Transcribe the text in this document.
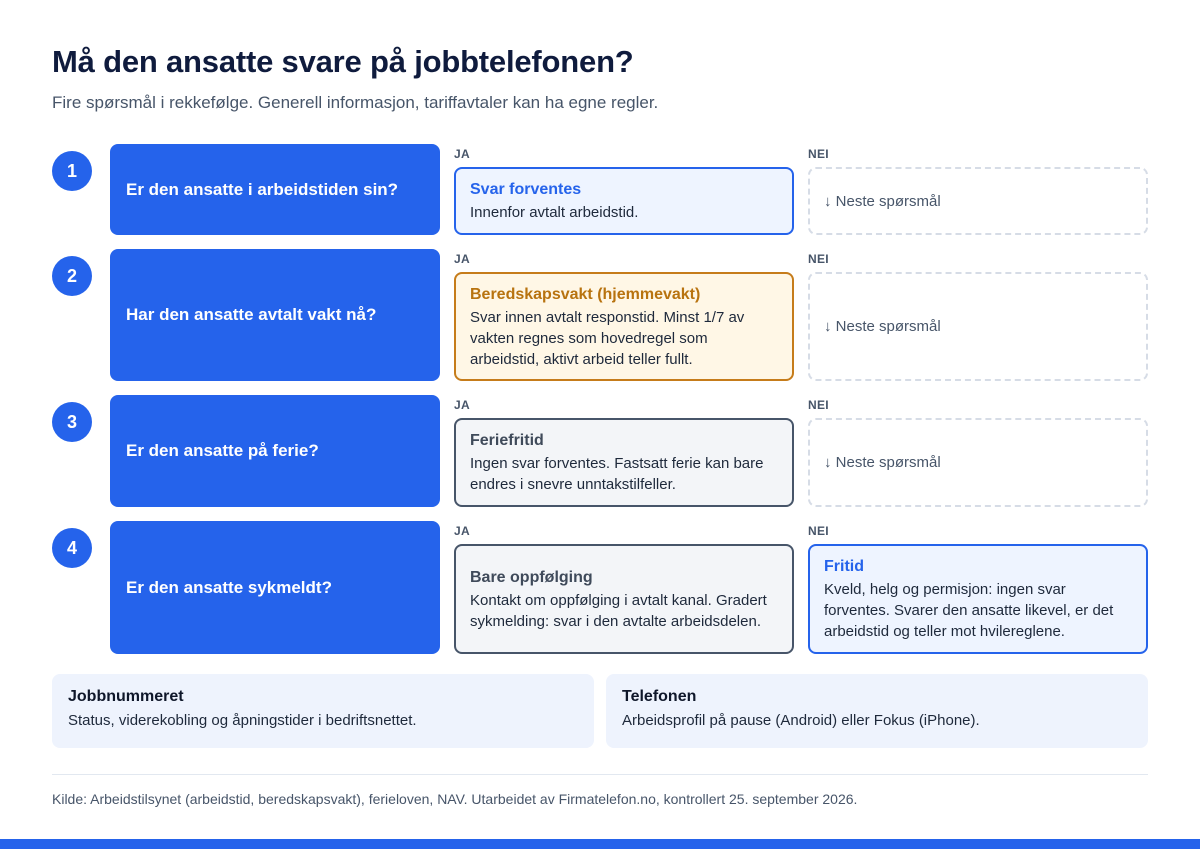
Må den ansatte svare på jobbtelefonen?

Fire spørsmål i rekkefølge. Generell informasjon, tariffavtaler kan ha egne regler.

1
Er den ansatte i arbeidstiden sin?
JA	NEI
Svar forventes
Innenfor avtalt arbeidstid.
↓ Neste spørsmål
2
Har den ansatte avtalt vakt nå?
JA	NEI
Beredskapsvakt (hjemmevakt)
Svar innen avtalt responstid. Minst 1/7 av vakten regnes som hovedregel som arbeidstid, aktivt arbeid teller fullt.
↓ Neste spørsmål
3
Er den ansatte på ferie?
JA	NEI
Feriefritid
Ingen svar forventes. Fastsatt ferie kan bare endres i snevre unntakstilfeller.
↓ Neste spørsmål
4
Er den ansatte sykmeldt?
JA	NEI
Bare oppfølging
Kontakt om oppfølging i avtalt kanal. Gradert sykmelding: svar i den avtalte arbeidsdelen.
Fritid
Kveld, helg og permisjon: ingen svar forventes. Svarer den ansatte likevel, er det arbeidstid og teller mot hvilereglene.
Jobbnummeret
Status, viderekobling og åpningstider i bedriftsnettet.
Telefonen
Arbeidsprofil på pause (Android) eller Fokus (iPhone).

Kilde: Arbeidstilsynet (arbeidstid, beredskapsvakt), ferieloven, NAV. Utarbeidet av Firmatelefon.no, kontrollert 25. september 2026.
